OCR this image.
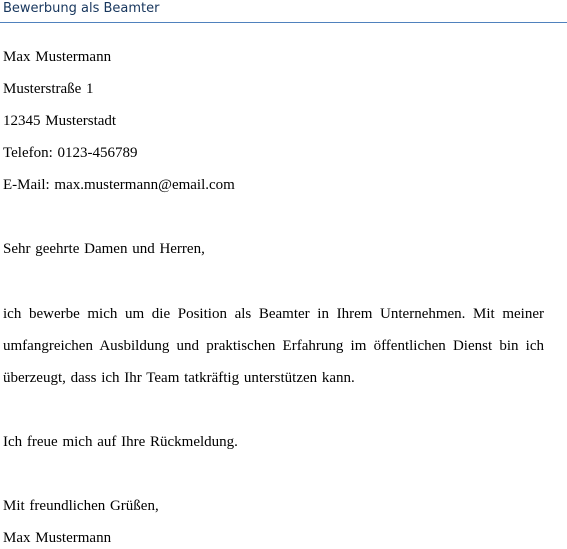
Bewerbung als Beamter
Max Mustermann
Musterstraße 1
12345 Musterstadt
Telefon: 0123-456789
E-Mail: max.mustermann@email.com
Sehr geehrte Damen und Herren,
ich bewerbe mich um die Position als Beamter in Ihrem Unternehmen. Mit meiner
umfangreichen Ausbildung und praktischen Erfahrung im öffentlichen Dienst bin ich
überzeugt, dass ich Ihr Team tatkräftig unterstützen kann.
Ich freue mich auf Ihre Rückmeldung.
Mit freundlichen Grüßen,
Max Mustermann
